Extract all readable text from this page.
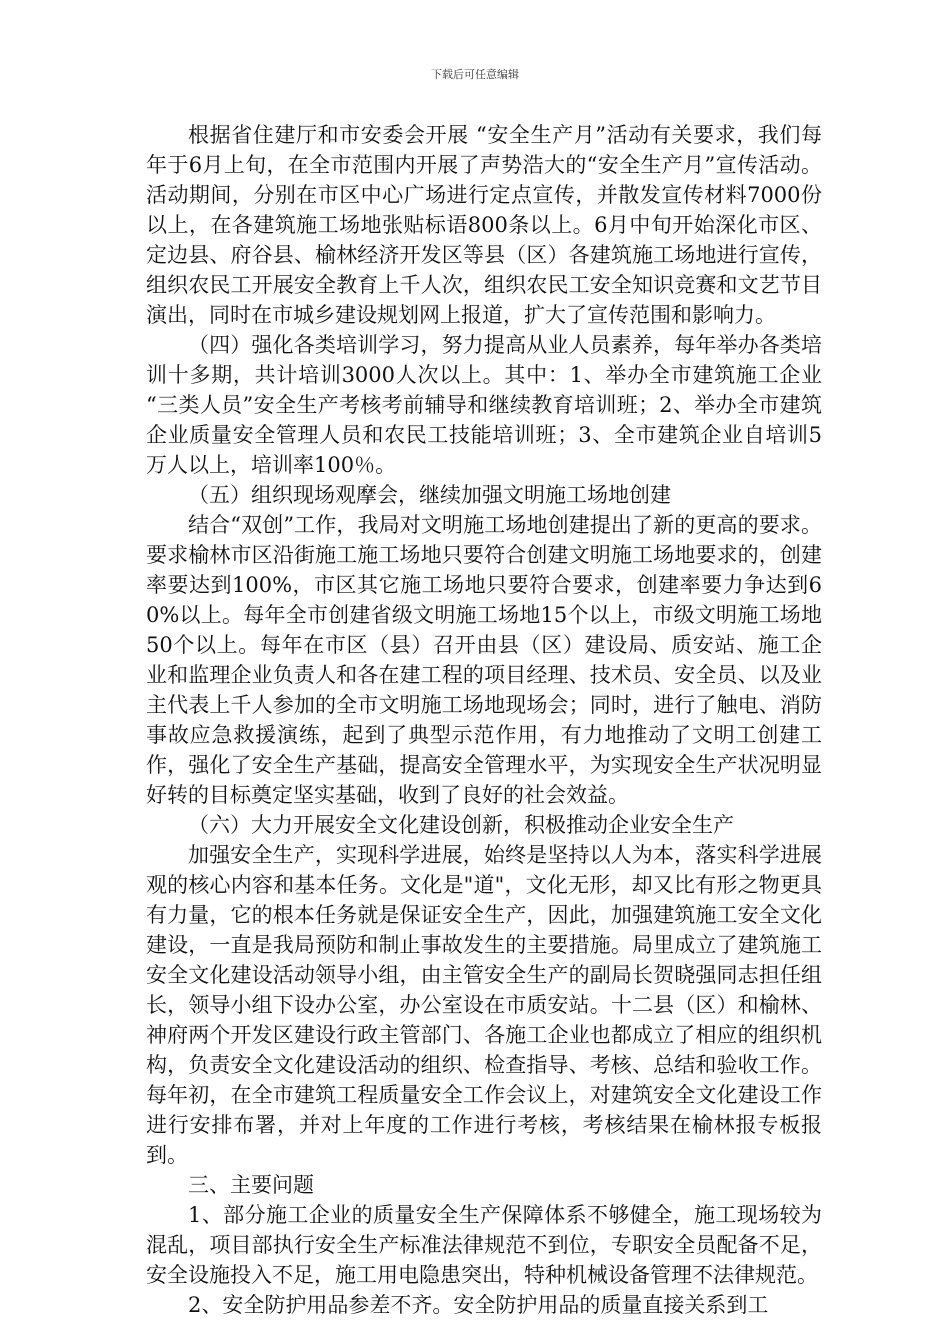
下载后可任意编辑

根据省住建厅和市安委会开展 “安全生产月”活动有关要求，我们每年于6月上旬，在全市范围内开展了声势浩大的“安全生产月”宣传活动。活动期间，分别在市区中心广场进行定点宣传，并散发宣传材料7000份以上，在各建筑施工场地张贴标语800条以上。6月中旬开始深化市区、定边县、府谷县、榆林经济开发区等县（区）各建筑施工场地进行宣传，组织农民工开展安全教育上千人次，组织农民工安全知识竞赛和文艺节目演出，同时在市城乡建设规划网上报道，扩大了宣传范围和影响力。

（四）强化各类培训学习，努力提高从业人员素养，每年举办各类培训十多期，共计培训3000人次以上。其中：1、举办全市建筑施工企业 “三类人员”安全生产考核考前辅导和继续教育培训班；2、举办全市建筑企业质量安全管理人员和农民工技能培训班；3、全市建筑企业自培训5万人以上，培训率100％。

（五）组织现场观摩会，继续加强文明施工场地创建

结合“双创”工作，我局对文明施工场地创建提出了新的更高的要求。要求榆林市区沿街施工施工场地只要符合创建文明施工场地要求的，创建率要达到100%，市区其它施工场地只要符合要求，创建率要力争达到60%以上。每年全市创建省级文明施工场地15个以上，市级文明施工场地50个以上。每年在市区（县）召开由县（区）建设局、质安站、施工企业和监理企业负责人和各在建工程的项目经理、技术员、安全员、以及业主代表上千人参加的全市文明施工场地现场会；同时，进行了触电、消防事故应急救援演练，起到了典型示范作用，有力地推动了文明工创建工作，强化了安全生产基础，提高安全管理水平，为实现安全生产状况明显好转的目标奠定坚实基础，收到了良好的社会效益。

（六）大力开展安全文化建设创新，积极推动企业安全生产

加强安全生产，实现科学进展，始终是坚持以人为本，落实科学进展观的核心内容和基本任务。文化是"道"，文化无形，却又比有形之物更具有力量，它的根本任务就是保证安全生产，因此，加强建筑施工安全文化建设，一直是我局预防和制止事故发生的主要措施。局里成立了建筑施工安全文化建设活动领导小组，由主管安全生产的副局长贺晓强同志担任组长，领导小组下设办公室，办公室设在市质安站。十二县（区）和榆林、神府两个开发区建设行政主管部门、各施工企业也都成立了相应的组织机构，负责安全文化建设活动的组织、检查指导、考核、总结和验收工作。每年初，在全市建筑工程质量安全工作会议上，对建筑安全文化建设工作进行安排布署，并对上年度的工作进行考核，考核结果在榆林报专板报到。

三、主要问题

1、部分施工企业的质量安全生产保障体系不够健全，施工现场较为混乱，项目部执行安全生产标准法律规范不到位，专职安全员配备不足，安全设施投入不足，施工用电隐患突出，特种机械设备管理不法律规范。

2、安全防护用品参差不齐。安全防护用品的质量直接关系到工
